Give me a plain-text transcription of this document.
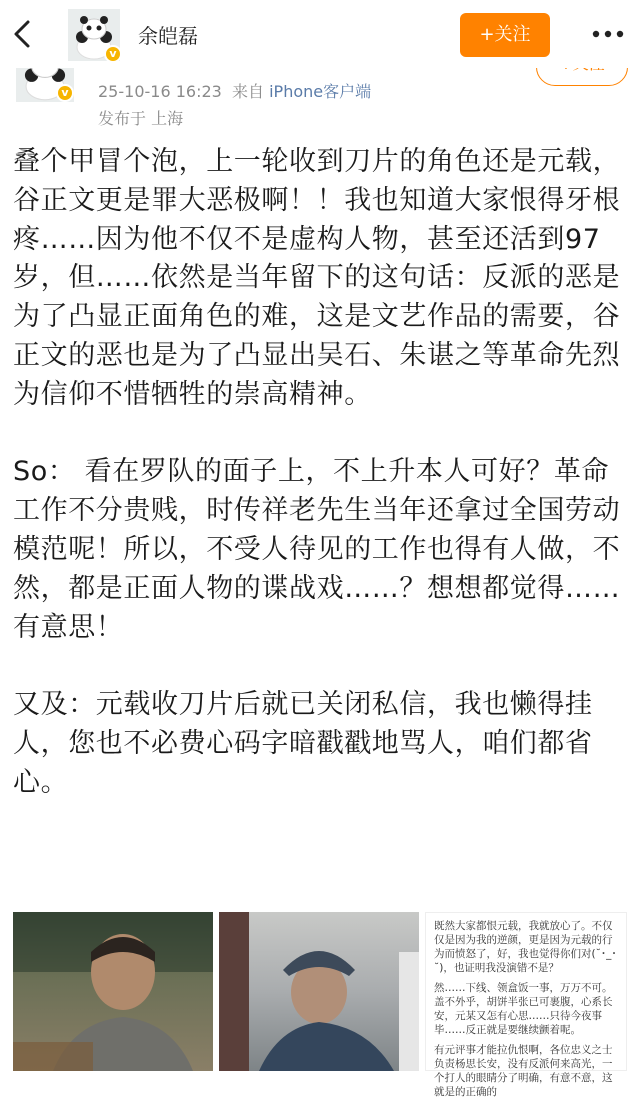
v
余皑磊	+关注
v	25-10-16 16:23 来自 iPhone客户端
发布于 上海

叠个甲冒个泡，上一轮收到刀片的角色还是元载，谷正文更是罪大恶极啊！！我也知道大家恨得牙根疼……因为他不仅不是虚构人物，甚至还活到97岁，但……依然是当年留下的这句话：反派的恶是为了凸显正面角色的难，这是文艺作品的需要，谷正文的恶也是为了凸显出吴石、朱谌之等革命先烈为信仰不惜牺牲的崇高精神。

So： 看在罗队的面子上，不上升本人可好？革命工作不分贵贱，时传祥老先生当年还拿过全国劳动模范呢！所以，不受人待见的工作也得有人做，不然，都是正面人物的谍战戏……？想想都觉得……有意思！

又及：元载收刀片后就已关闭私信，我也懒得挂人，您也不必费心码字暗戳戳地骂人，咱们都省心。

既然大家都恨元载，我就放心了。不仅仅是因为我的逆颜，更是因为元载的行为而愤怒了，好，我也觉得你们对(˘･_･˘)，也证明我没演错不是？

然……下线、领盒饭一事，万万不可。盖不外乎，胡饼半张已可裹腹，心系长安，元某又怎有心思……只待今夜事毕……反正就是要继续颤着呢。

有元评事才能拉仇恨啊，各位忠义之士负责杨思长安，没有反派何来高光，一个打人的眼睛分了明确，有意不意，这就是的正确的
